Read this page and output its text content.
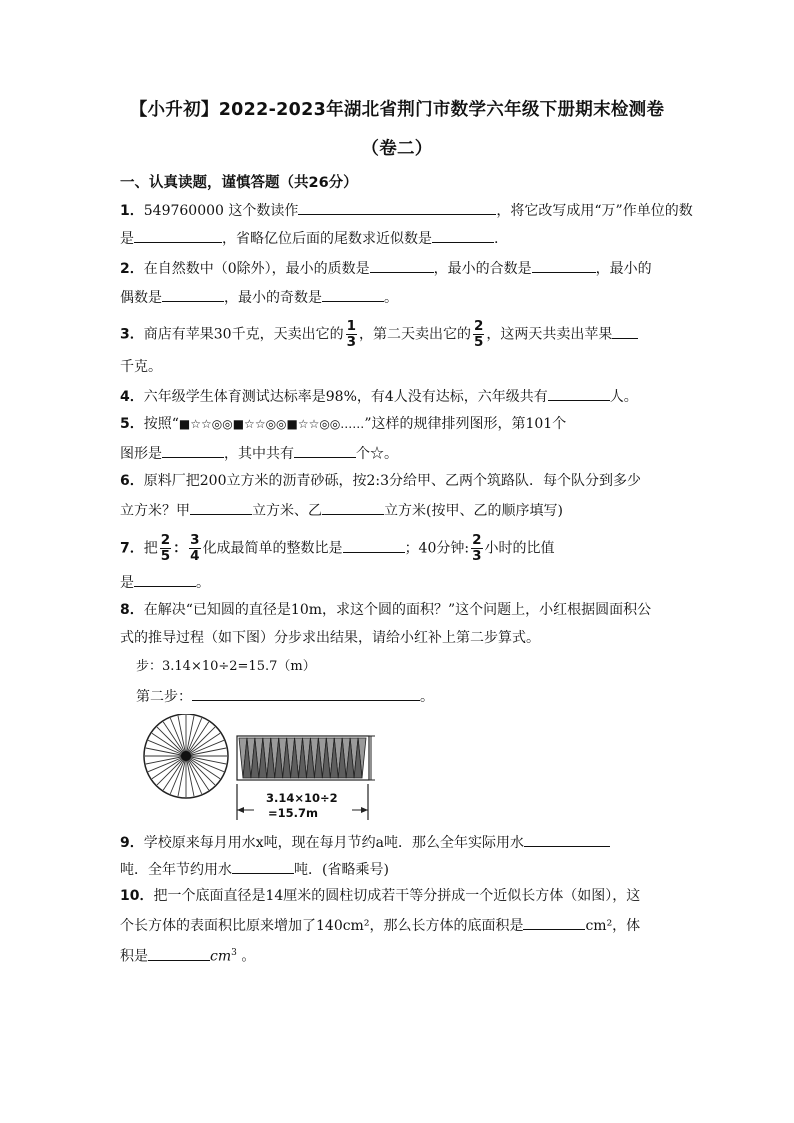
【小升初】2022-2023年湖北省荆门市数学六年级下册期末检测卷
（卷二）
一、认真读题，谨慎答题（共26分）
1．549760000 这个数读作	，将它改写成用“万”作单位的数
是	，省略亿位后面的尾数求近似数是	.
2．在自然数中（0除外），最小的质数是	，最小的合数是	，最小的
偶数是	，最小的奇数是	。
3．商店有苹果30千克，天卖出它的 $\frac{1}{3}$ ，第二天卖出它的 $\frac{2}{5}$ ，这两天共卖出苹果
千克。
4．六年级学生体育测试达标率是98%，有4人没有达标，六年级共有	人。
5．按照“■☆☆◎◎■☆☆◎◎■☆☆◎◎……”这样的规律排列图形，第101个
图形是	，其中共有	个☆。
6．原料厂把200立方米的沥青砂砾，按2:3分给甲、乙两个筑路队．每个队分到多少
立方米？甲	立方米、乙	立方米(按甲、乙的顺序填写)
7．把 $\frac{2}{5}$ ： $\frac{3}{4}$ 化成最简单的整数比是	；40分钟: $\frac{2}{3}$ 小时的比值
是	。
8．在解决“已知圆的直径是10m，求这个圆的面积？”这个问题上，小红根据圆面积公
式的推导过程（如下图）分步求出结果，请给小红补上第二步算式。
步：3.14×10÷2=15.7（m）
第二步：	。
3.14×10÷2
=15.7m
9．学校原来每月用水x吨，现在每月节约a吨．那么全年实际用水
吨．全年节约用水	吨．(省略乘号)
10．把一个底面直径是14厘米的圆柱切成若干等分拼成一个近似长方体（如图），这
个长方体的表面积比原来增加了140cm²，那么长方体的底面积是	cm²，体
积是	$cm^3$ 。
